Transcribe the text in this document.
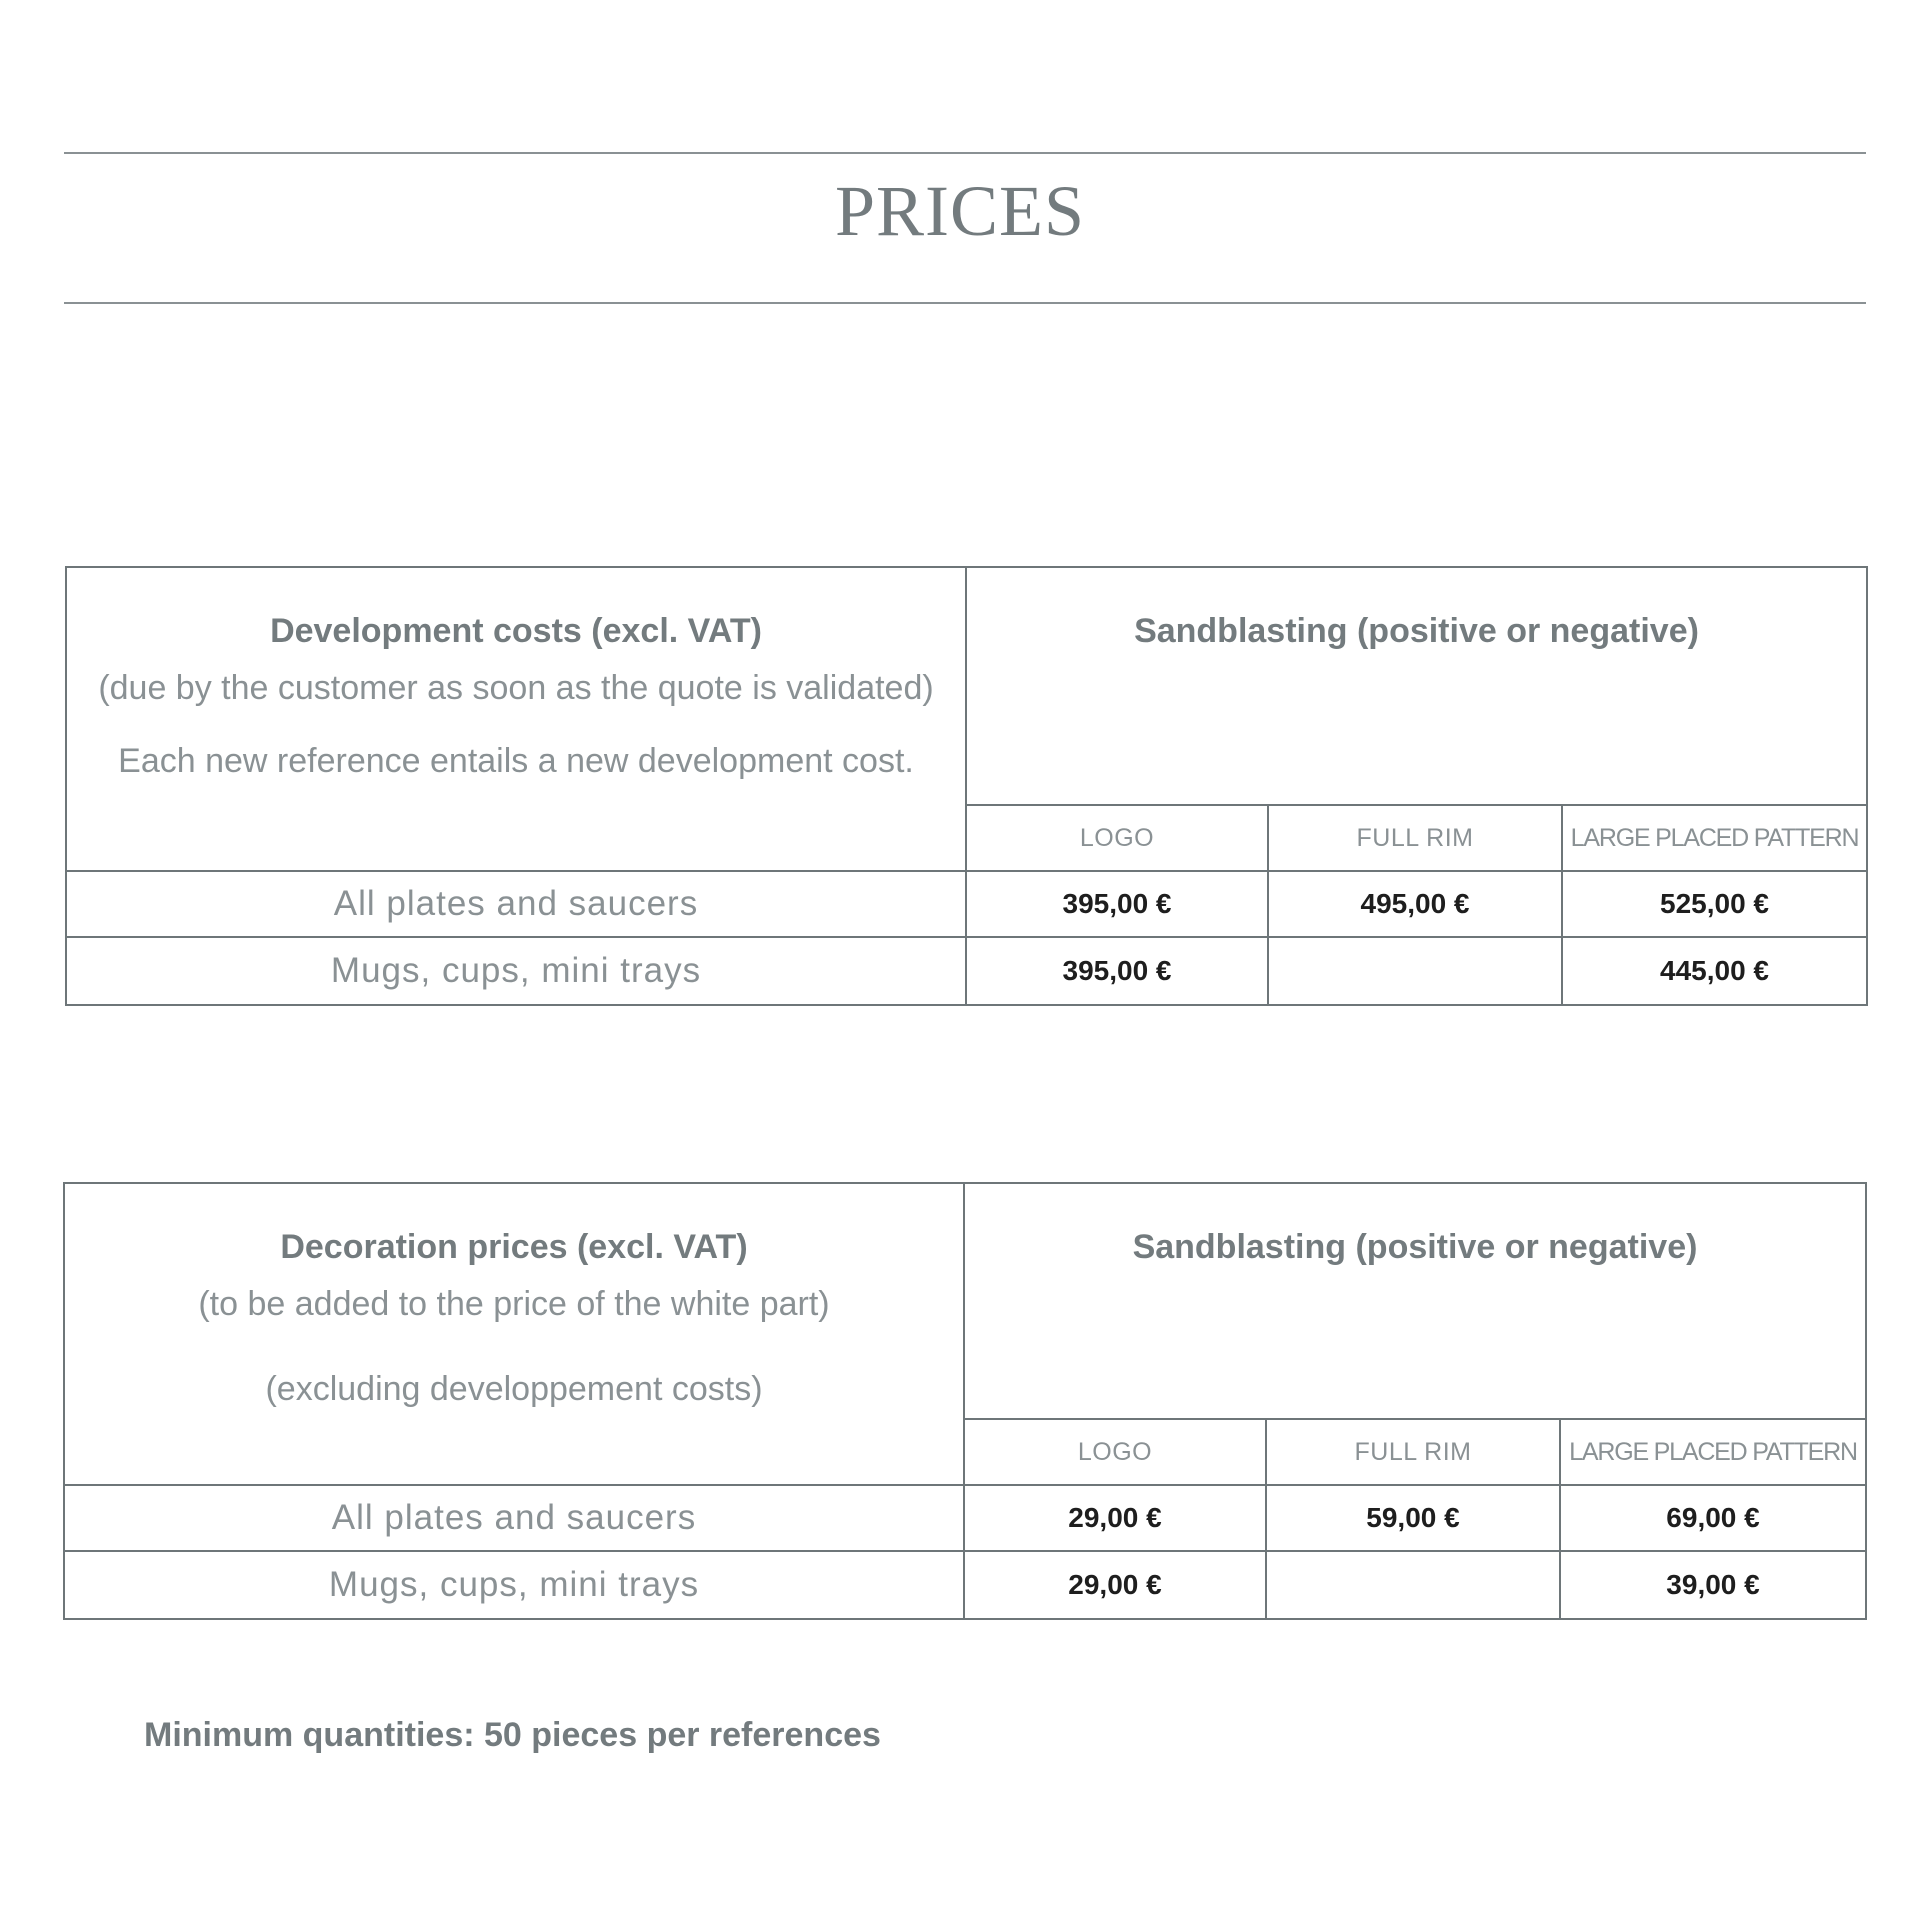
PRICES
Development costs (excl. VAT)
(due by the customer as soon as the quote is validated)
Each new reference entails a new development cost.	Sandblasting (positive or negative)		

	LOGO	FULL RIM	LARGE PLACED PATTERN
All plates and saucers	395,00 €	495,00 €	525,00 €
Mugs, cups, mini trays	395,00 €		445,00 €
Decoration prices (excl. VAT)
(to be added to the price of the white part)
(excluding developpement costs)	Sandblasting (positive or negative)		

	LOGO	FULL RIM	LARGE PLACED PATTERN
All plates and saucers	29,00 €	59,00 €	69,00 €
Mugs, cups, mini trays	29,00 €		39,00 €
Minimum quantities: 50 pieces per references
